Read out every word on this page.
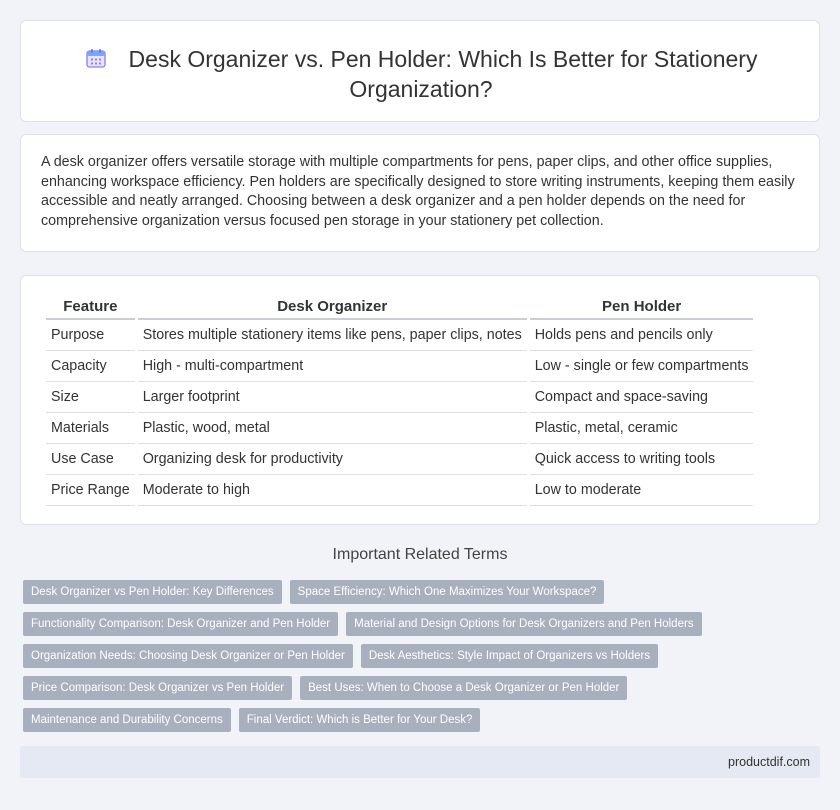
Desk Organizer vs. Pen Holder: Which Is Better for Stationery Organization?

A desk organizer offers versatile storage with multiple compartments for pens, paper clips, and other office supplies, enhancing workspace efficiency. Pen holders are specifically designed to store writing instruments, keeping them easily accessible and neatly arranged. Choosing between a desk organizer and a pen holder depends on the need for comprehensive organization versus focused pen storage in your stationery pet collection.

Feature	Desk Organizer	Pen Holder
Purpose	Stores multiple stationery items like pens, paper clips, notes	Holds pens and pencils only
Capacity	High - multi-compartment	Low - single or few compartments
Size	Larger footprint	Compact and space-saving
Materials	Plastic, wood, metal	Plastic, metal, ceramic
Use Case	Organizing desk for productivity	Quick access to writing tools
Price Range	Moderate to high	Low to moderate
Important Related Terms
Desk Organizer vs Pen Holder: Key Differences	Space Efficiency: Which One Maximizes Your Workspace?
Functionality Comparison: Desk Organizer and Pen Holder	Material and Design Options for Desk Organizers and Pen Holders
Organization Needs: Choosing Desk Organizer or Pen Holder	Desk Aesthetics: Style Impact of Organizers vs Holders
Price Comparison: Desk Organizer vs Pen Holder	Best Uses: When to Choose a Desk Organizer or Pen Holder
Maintenance and Durability Concerns	Final Verdict: Which is Better for Your Desk?
productdif.com
